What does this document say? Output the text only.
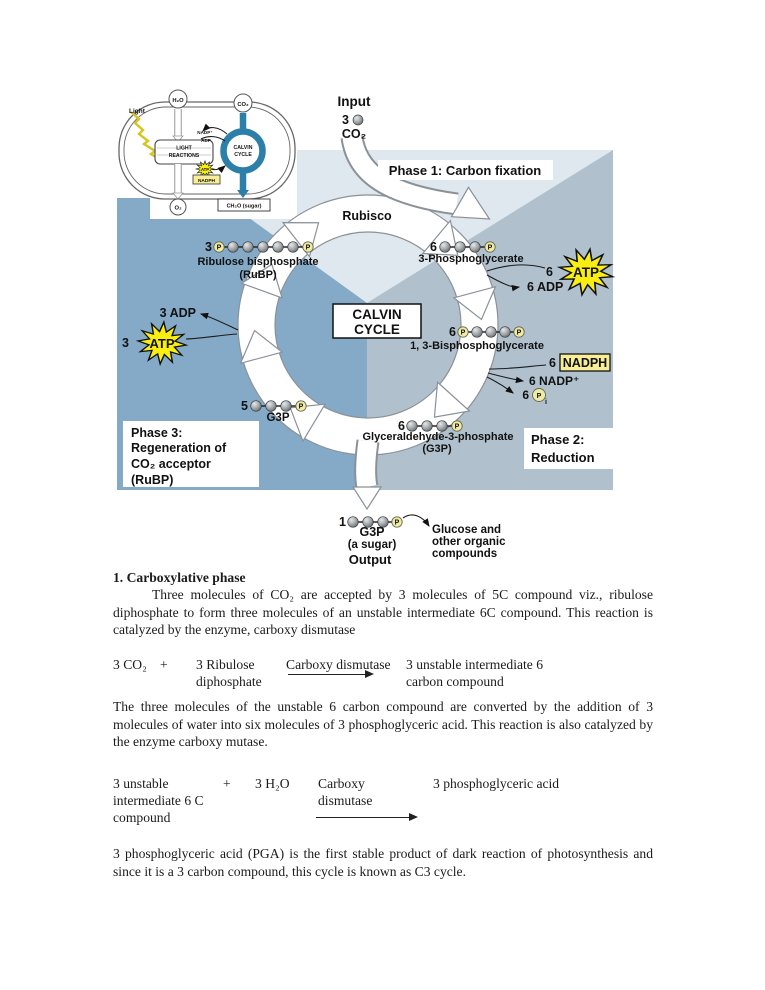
Light
H₂O
CO₂
CALVIN
CYCLE
CH₂O (sugar)
LIGHT
REACTIONS
O₂
NADP⁺
ADP
ATP
NADPH
ATP
6
6 ADP
ATP
3
3 ADP
NADPH
6
6 NADP⁺
6 P
i
Phase 1: Carbon fixation
Phase 2:
Reduction
Phase 3:
Regeneration of
CO₂ acceptor
(RuBP)
CALVIN
CYCLE
Input
3
CO₂
Rubisco
P	P
3
Ribulose bisphosphate
(RuBP)
P
6
3-Phosphoglycerate
P	P
6
1, 3-Bisphosphoglycerate
P
5
G3P
P
6
Glyceraldehyde-3-phosphate
(G3P)
P
1
G3P
(a sugar)
Output
Glucose and
other organic
compounds
1. Carboxylative phase
Three molecules of CO₂ are accepted by 3 molecules of 5C compound viz., ribulose diphosphate to form three molecules of an unstable intermediate 6C compound. This reaction is catalyzed by the enzyme, carboxy dismutase
3 CO₂ + 3 Ribulose
diphosphate
Carboxy dismutase 3 unstable intermediate 6
carbon compound
The three molecules of the unstable 6 carbon compound are converted by the addition of 3 molecules of water into six molecules of 3 phosphoglyceric acid. This reaction is also catalyzed by the enzyme carboxy mutase.
3 unstable
intermediate 6 C
compound
+ 3 H₂O Carboxy
dismutase
3 phosphoglyceric acid
3 phosphoglyceric acid (PGA) is the first stable product of dark reaction of photosynthesis and since it is a 3 carbon compound, this cycle is known as C3 cycle.
